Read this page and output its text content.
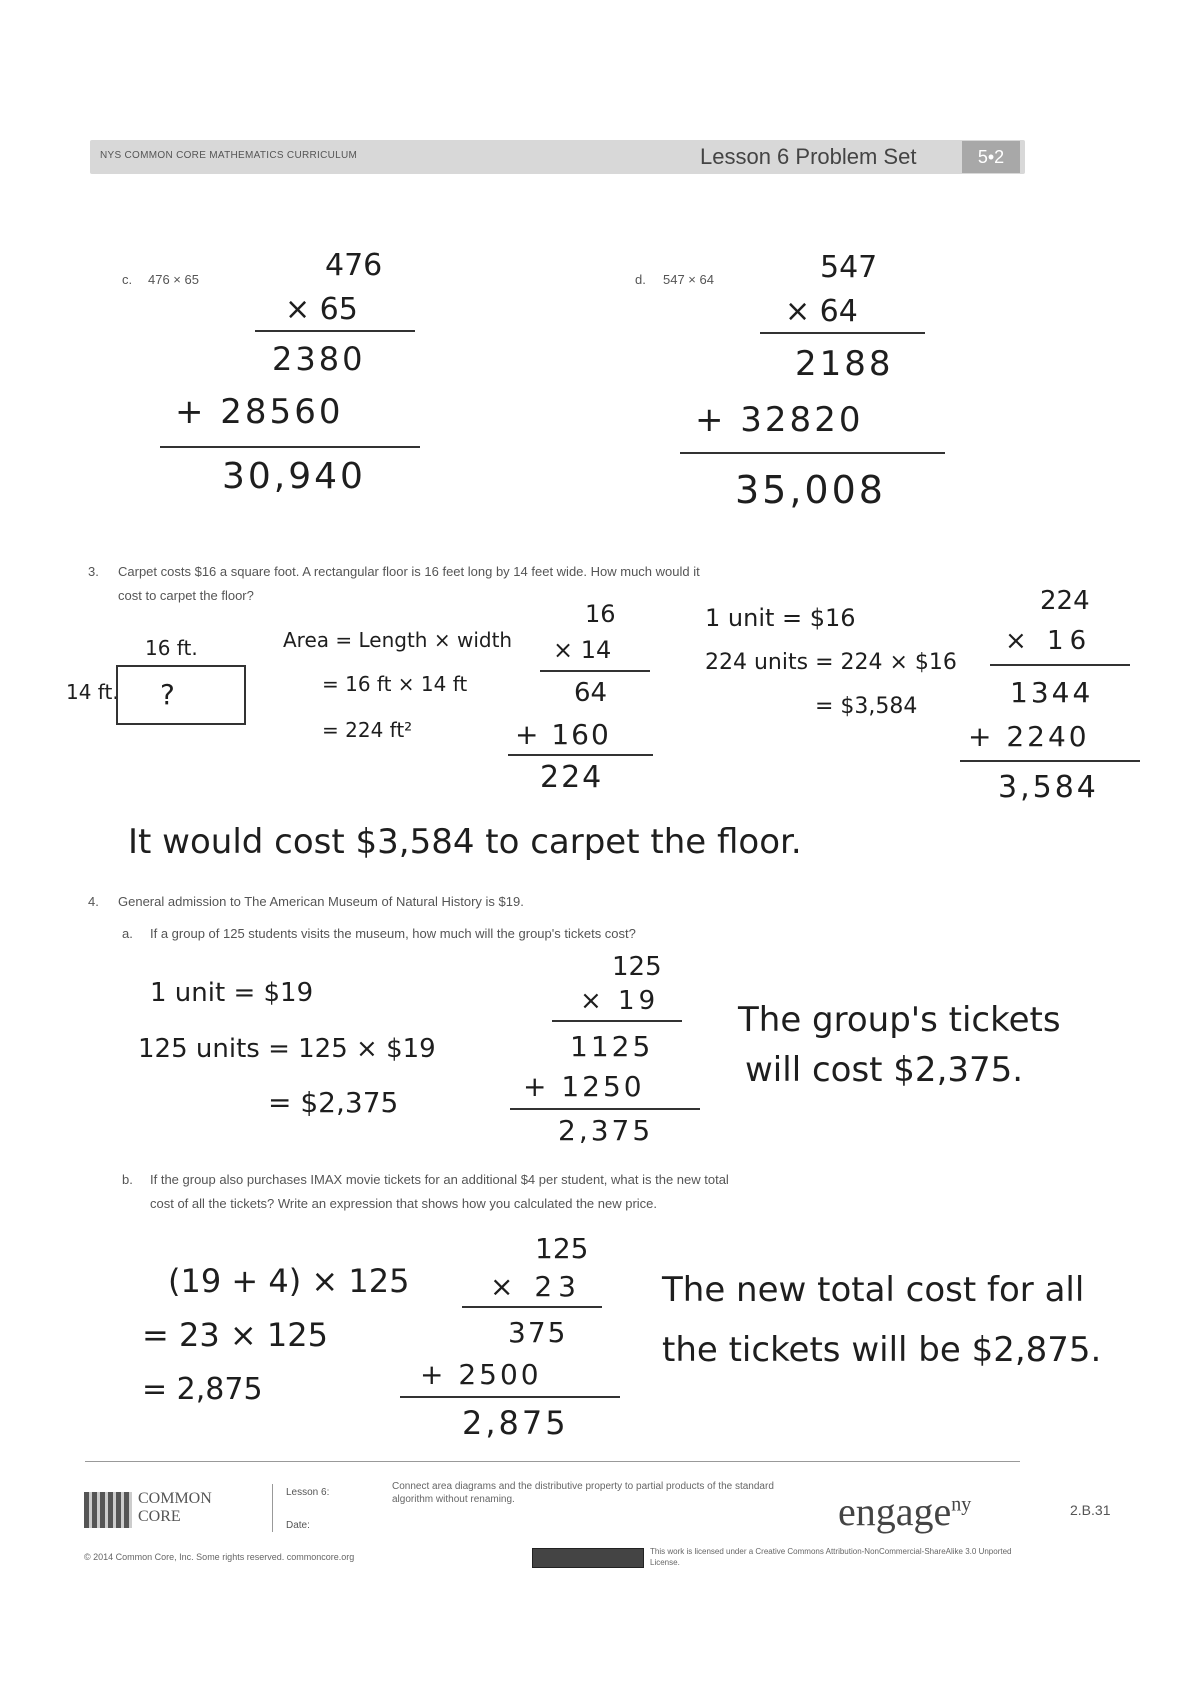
NYS COMMON CORE MATHEMATICS CURRICULUM	Lesson 6 Problem Set	5•2
c. 476 × 65	476
× 65
2380
+ 28560
30,940
d. 547 × 64	547
× 64
2188
+ 32820
35,008
3. Carpet costs $16 a square foot. A rectangular floor is 16 feet long by 14 feet wide. How much would it
cost to carpet the floor?
16 ft.
14 ft. ?
Area = Length × width
= 16 ft × 14 ft
= 224 ft²
16
× 14
64
+ 160
224
1 unit = $16
224 units = 224 × $16
= $3,584
224
× 16
1344
+ 2240
3,584
It would cost $3,584 to carpet the floor.
4. General admission to The American Museum of Natural History is $19.
a. If a group of 125 students visits the museum, how much will the group's tickets cost?
1 unit = $19
125 units = 125 × $19
= $2,375
125
× 19
1125
+ 1250
2,375
The group's tickets
will cost $2,375.
b. If the group also purchases IMAX movie tickets for an additional $4 per student, what is the new total
cost of all the tickets? Write an expression that shows how you calculated the new price.
(19 + 4) × 125
= 23 × 125
= 2,875
125
× 23
375
+ 2500
2,875
The new total cost for all
the tickets will be $2,875.
COMMON
CORE
Lesson 6:
Date:
Connect area diagrams and the distributive property to partial products of the standard algorithm without renaming.	engage$^{ny}$	2.B.31
© 2014 Common Core, Inc. Some rights reserved. commoncore.org
This work is licensed under a Creative Commons Attribution-NonCommercial-ShareAlike 3.0 Unported License.
